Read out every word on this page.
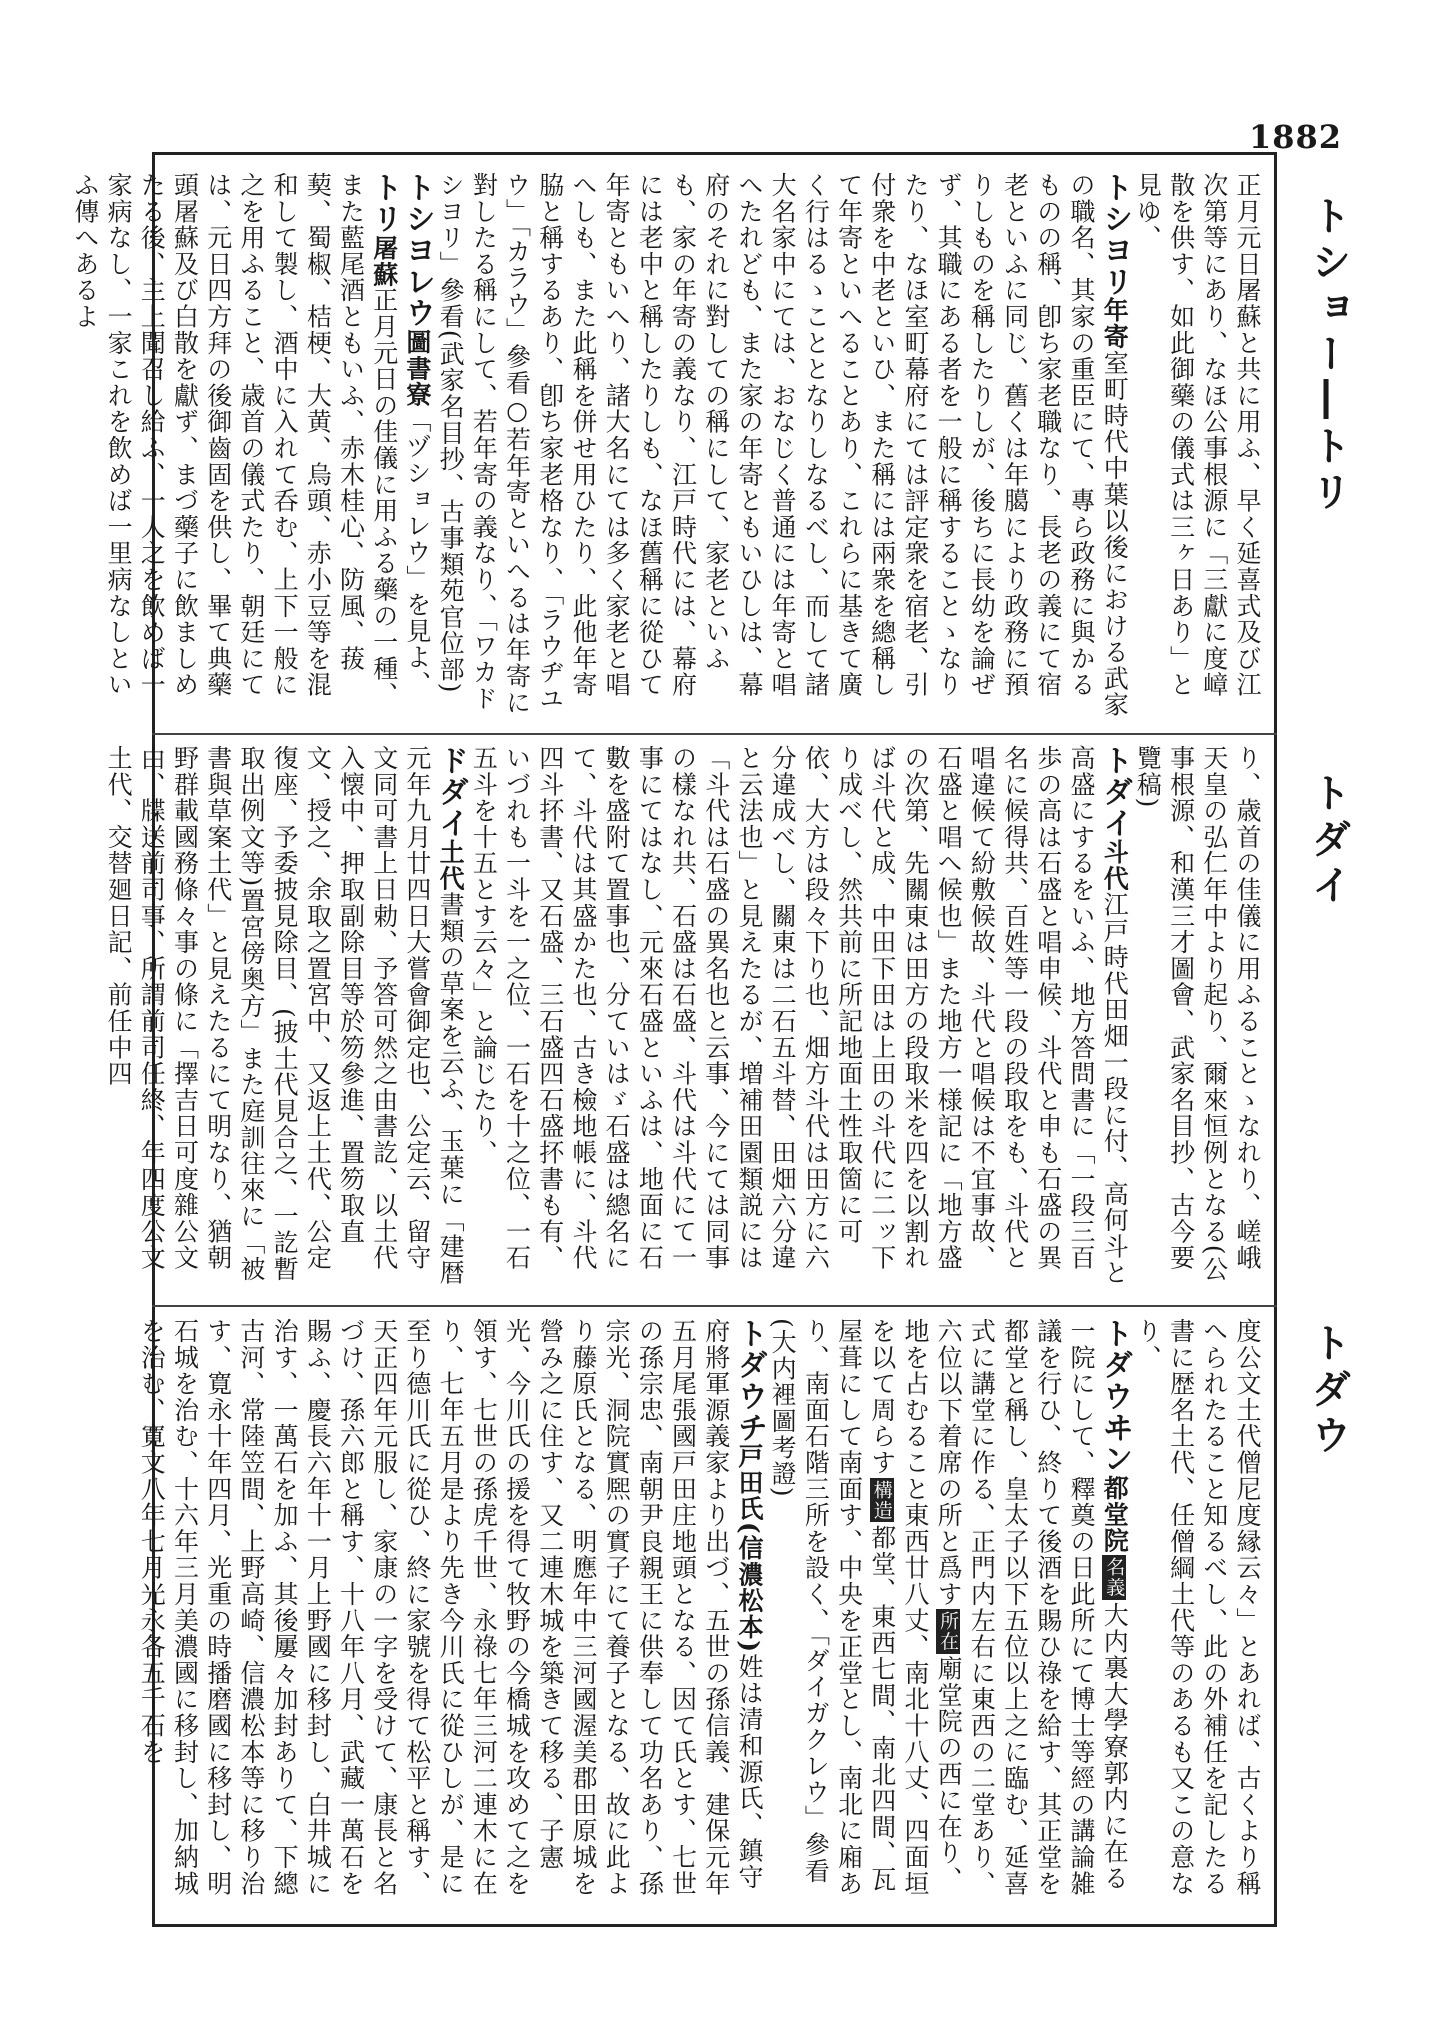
1882
トショー―トリ
トダイ
トダウ
正月元日屠蘇と共に用ふ、早く延喜式及び江次第等にあり、なほ公事根源に「三獻に度嶂散を供す、如此御藥の儀式は三ヶ日あり」と見ゆ、
トシヨリ年寄室町時代中葉以後における武家の職名、其家の重臣にて、專ら政務に與かるものの稱、卽ち家老職なり、長老の義にて宿老といふに同じ、舊くは年臈により政務に預りしものを稱したりしが、後ちに長幼を論ぜず、其職にある者を一般に稱することゝなりたり、なほ室町幕府にては評定衆を宿老、引付衆を中老といひ、また稱には兩衆を總稱して年寄といへることあり、これらに基きて廣く行はるゝこととなりしなるべし、而して諸大名家中にては、おなじく普通には年寄と唱へたれども、また家の年寄ともいひしは、幕府のそれに對しての稱にして、家老といふも、家の年寄の義なり、江戸時代には、幕府には老中と稱したりしも、なほ舊稱に從ひて年寄ともいへり、諸大名にては多く家老と唱へしも、また此稱を併せ用ひたり、此他年寄脇と稱するあり、卽ち家老格なり、「ラウヂユウ」「カラウ」參看○若年寄といへるは年寄に對したる稱にして、若年寄の義なり、「ワカドシヨリ」參看(武家名目抄、古事類苑官位部)
トシヨレウ圖書寮「ヅショレウ」を見よ、
トリ屠蘇正月元日の佳儀に用ふる藥の一種、また藍尾酒ともいふ、赤木桂心、防風、菝葜、蜀椒、桔梗、大黄、烏頭、赤小豆等を混和して製し、酒中に入れて呑む、上下一般に之を用ふること、歳首の儀式たり、朝廷にては、元日四方拜の後御齒固を供し、畢て典藥頭屠蘇及び白散を獻ず、まづ藥子に飲ましめたる後、主上聞召し給ふ、一人之を飲めば一家病なし、一家これを飲めば一里病なしといふ傳へあるよ
り、歳首の佳儀に用ふることゝなれり、嵯峨天皇の弘仁年中より起り、爾來恒例となる(公事根源、和漢三才圖會、武家名目抄、古今要覽稿)
トダイ斗代江戸時代田畑一段に付、高何斗と高盛にするをいふ、地方答問書に「一段三百歩の高は石盛と唱申候、斗代と申も石盛の異名に候得共、百姓等一段の段取をも、斗代と唱違候て紛敷候故、斗代と唱候は不宜事故、石盛と唱へ候也」また地方一様記に「地方盛の次第、先關東は田方の段取米を四を以割れば斗代と成、中田下田は上田の斗代に二ッ下り成べし、然共前に所記地面土性取箇に可依、大方は段々下り也、畑方斗代は田方に六分違成べし、關東は二石五斗替、田畑六分違と云法也」と見えたるが、増補田園類説には「斗代は石盛の異名也と云事、今にては同事の樣なれ共、石盛は石盛、斗代は斗代にて一事にてはなし、元來石盛といふは、地面に石數を盛附て置事也、分ていはゞ石盛は總名にて、斗代は其盛かた也、古き檢地帳に、斗代四斗抔書、又石盛、三石盛四石盛抔書も有、いづれも一斗を一之位、一石を十之位、一石五斗を十五とす云々」と論じたり、
ドダイ土代書類の草案を云ふ、玉葉に「建暦元年九月廿四日大嘗會御定也、公定云、留守文同可書上日勅、予答可然之由書訖、以土代入懐中、押取副除目等於笏參進、置笏取直文、授之、余取之置宮中、又返上土代、公定復座、予委披見除目、(披土代見合之、一訖暫取出例文等)置宮傍奥方」また庭訓往來に「被書與草案土代」と見えたるにて明なり、猶朝野群載國務條々事の條に「擇吉日可度雜公文由、牒送前司事、所謂前司任終、年四度公文土代、交替廻日記、前任中四
度公文土代僧尼度縁云々」とあれば、古くより稱へられたること知るべし、此の外補任を記したる書に歴名土代、任僧綱土代等のあるも又この意なり、
トダウヰン都堂院名義大内裏大學寮郭内に在る一院にして、釋奠の日此所にて博士等經の講論雑議を行ひ、終りて後酒を賜ひ祿を給す、其正堂を都堂と稱し、皇太子以下五位以上之に臨む、延喜式に講堂に作る、正門内左右に東西の二堂あり、六位以下着席の所と爲す所在廟堂院の西に在り、地を占むること東西廿八丈、南北十八丈、四面垣を以て周らす構造都堂、東西七間、南北四間、瓦屋葺にして南面す、中央を正堂とし、南北に廂あり、南面石階三所を設く、「ダイガクレウ」參看(大内裡圖考證)
トダウチ戸田氏(信濃松本)姓は清和源氏、鎮守府將軍源義家より出づ、五世の孫信義、建保元年五月尾張國戸田庄地頭となる、因て氏とす、七世の孫宗忠、南朝尹良親王に供奉して功名あり、孫宗光、洞院實熈の實子にて養子となる、故に此より藤原氏となる、明應年中三河國渥美郡田原城を營み之に住す、又二連木城を築きて移る、子憲光、今川氏の援を得て牧野の今橋城を攻めて之を領す、七世の孫虎千世、永祿七年三河二連木に在り、七年五月是より先き今川氏に從ひしが、是に至り德川氏に從ひ、終に家號を得て松平と稱す、天正四年元服し、家康の一字を受けて、康長と名づけ、孫六郎と稱す、十八年八月、武藏一萬石を賜ふ、慶長六年十一月上野國に移封し、白井城に治す、一萬石を加ふ、其後屢々加封ありて、下總古河、常陸笠間、上野高崎、信濃松本等に移り治す、寛永十年四月、光重の時播磨國に移封し、明石城を治む、十六年三月美濃國に移封し、加納城を治む、寛文八年七月光永各五千石を
